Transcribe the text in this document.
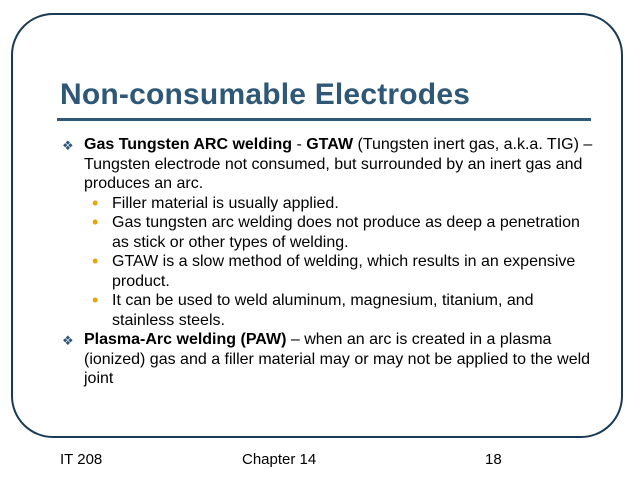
Non-consumable Electrodes
❖ Gas Tungsten ARC welding - GTAW (Tungsten inert gas, a.k.a. TIG) – Tungsten electrode not consumed, but surrounded by an inert gas and produces an arc.
• Filler material is usually applied.
• Gas tungsten arc welding does not produce as deep a penetration as stick or other types of welding.
• GTAW is a slow method of welding, which results in an expensive product.
• It can be used to weld aluminum, magnesium, titanium, and stainless steels.
❖ Plasma-Arc welding (PAW) – when an arc is created in a plasma (ionized) gas and a filler material may or may not be applied to the weld joint
IT 208	Chapter 14	18
